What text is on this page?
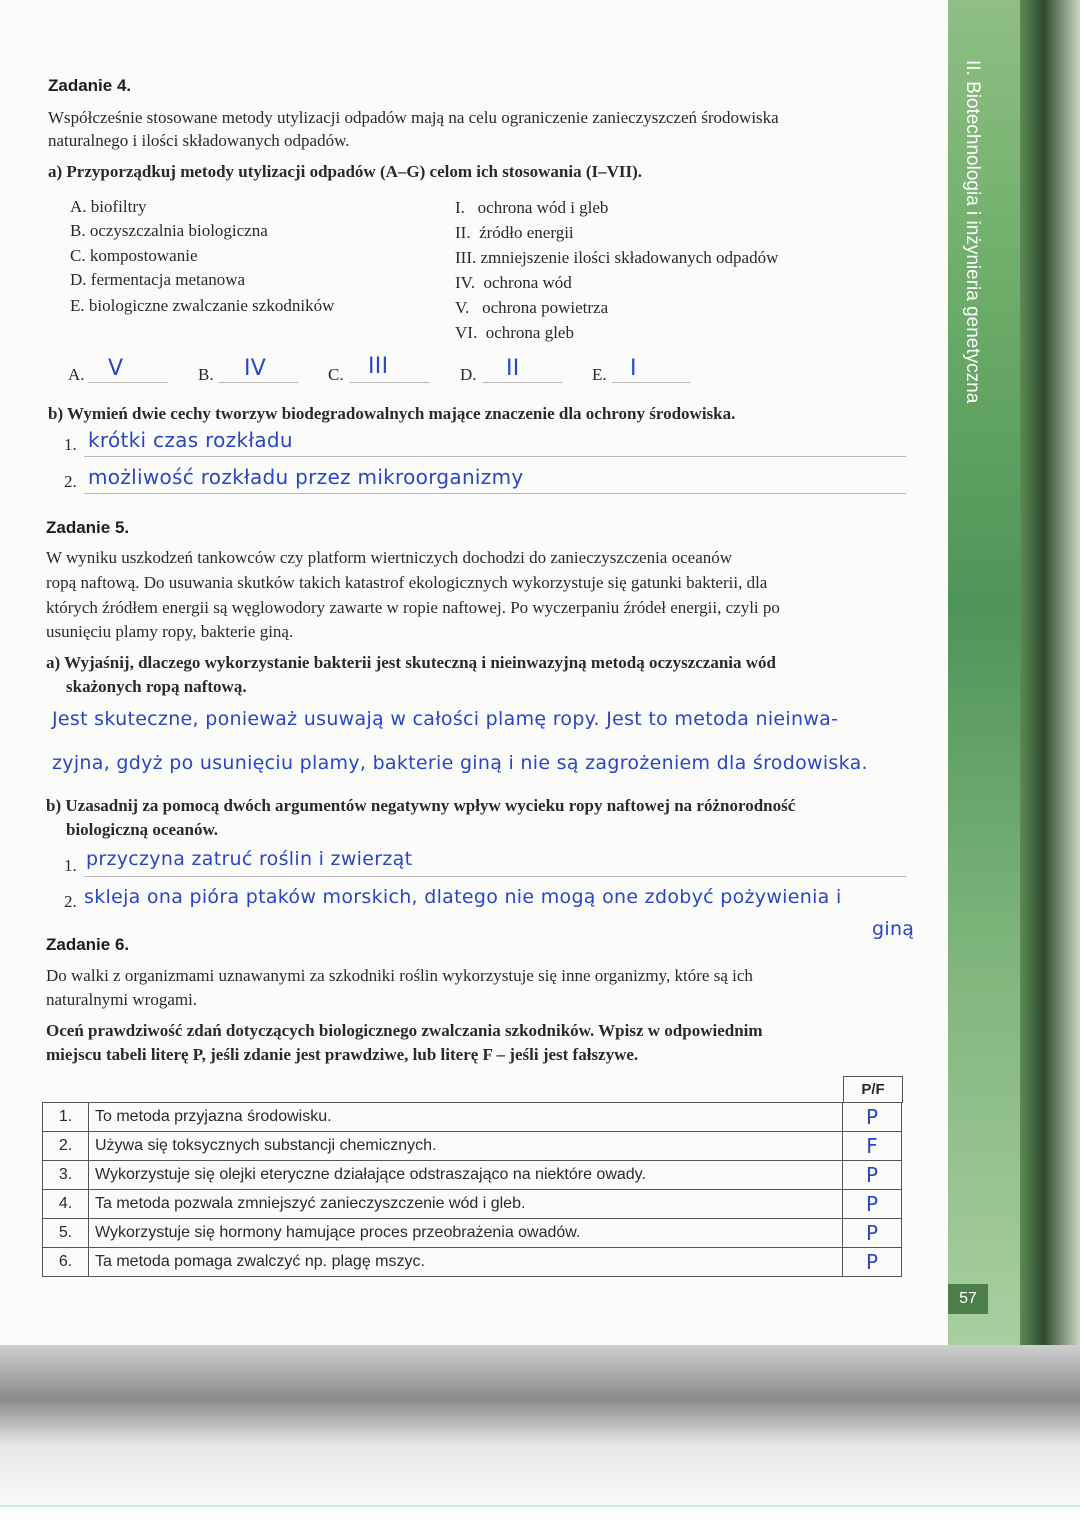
II. Biotechnologia i inżynieria genetyczna
57
Zadanie 4.
Współcześnie stosowane metody utylizacji odpadów mają na celu ograniczenie zanieczyszczeń środowiska
naturalnego i ilości składowanych odpadów.
a) Przyporządkuj metody utylizacji odpadów (A–G) celom ich stosowania (I–VII).
A. biofiltry
B. oczyszczalnia biologiczna
C. kompostowanie
D. fermentacja metanowa
E. biologiczne zwalczanie szkodników
I.   ochrona wód i gleb
II.  źródło energii
III. zmniejszenie ilości składowanych odpadów
IV.  ochrona wód
V.   ochrona powietrza
VI.  ochrona gleb
A. V	B. IV	C. III	D. II	E. I
b) Wymień dwie cechy tworzyw biodegradowalnych mające znaczenie dla ochrony środowiska.
1. krótki czas rozkładu
2. możliwość rozkładu przez mikroorganizmy
Zadanie 5.
W wyniku uszkodzeń tankowców czy platform wiertniczych dochodzi do zanieczyszczenia oceanów
ropą naftową. Do usuwania skutków takich katastrof ekologicznych wykorzystuje się gatunki bakterii, dla
których źródłem energii są węglowodory zawarte w ropie naftowej. Po wyczerpaniu źródeł energii, czyli po
usunięciu plamy ropy, bakterie giną.
a) Wyjaśnij, dlaczego wykorzystanie bakterii jest skuteczną i nieinwazyjną metodą oczyszczania wód
skażonych ropą naftową.
Jest skuteczne, ponieważ usuwają w całości plamę ropy. Jest to metoda nieinwa-
zyjna, gdyż po usunięciu plamy, bakterie giną i nie są zagrożeniem dla środowiska.
b) Uzasadnij za pomocą dwóch argumentów negatywny wpływ wycieku ropy naftowej na różnorodność
biologiczną oceanów.
1. przyczyna zatruć roślin i zwierząt
2. skleja ona pióra ptaków morskich, dlatego nie mogą one zdobyć pożywienia i
giną
Zadanie 6.
Do walki z organizmami uznawanymi za szkodniki roślin wykorzystuje się inne organizmy, które są ich
naturalnymi wrogami.
Oceń prawdziwość zdań dotyczących biologicznego zwalczania szkodników. Wpisz w odpowiednim
miejscu tabeli literę P, jeśli zdanie jest prawdziwe, lub literę F – jeśli jest fałszywe.
P/F
1.	To metoda przyjazna środowisku.	P
2.	Używa się toksycznych substancji chemicznych.	F
3.	Wykorzystuje się olejki eteryczne działające odstraszająco na niektóre owady.	P
4.	Ta metoda pozwala zmniejszyć zanieczyszczenie wód i gleb.	P
5.	Wykorzystuje się hormony hamujące proces przeobrażenia owadów.	P
6.	Ta metoda pomaga zwalczyć np. plagę mszyc.	P
